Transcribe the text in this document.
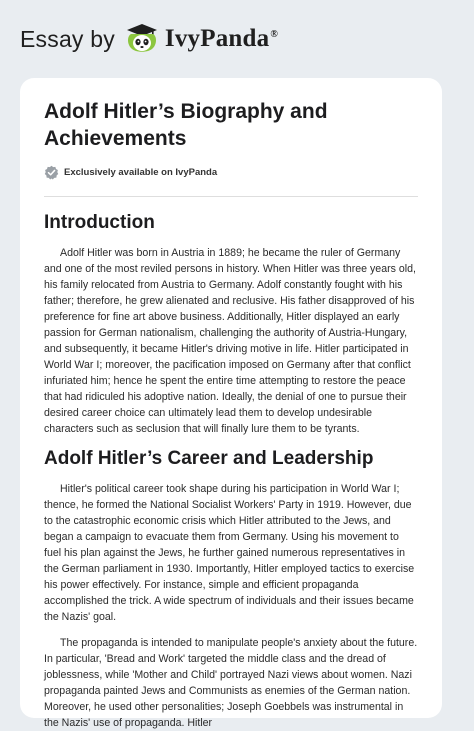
Essay by IvyPanda®
Adolf Hitler’s Biography and Achievements
Exclusively available on IvyPanda
Introduction

Adolf Hitler was born in Austria in 1889; he became the ruler of Germany and one of the most reviled persons in history. When Hitler was three years old, his family relocated from Austria to Germany. Adolf constantly fought with his father; therefore, he grew alienated and reclusive. His father disapproved of his preference for fine art above business. Additionally, Hitler displayed an early passion for German nationalism, challenging the authority of Austria-Hungary, and subsequently, it became Hitler's driving motive in life. Hitler participated in World War I; moreover, the pacification imposed on Germany after that conflict infuriated him; hence he spent the entire time attempting to restore the peace that had ridiculed his adoptive nation. Ideally, the denial of one to pursue their desired career choice can ultimately lead them to develop undesirable characters such as seclusion that will finally lure them to be tyrants.

Adolf Hitler’s Career and Leadership

Hitler's political career took shape during his participation in World War I; thence, he formed the National Socialist Workers' Party in 1919. However, due to the catastrophic economic crisis which Hitler attributed to the Jews, and began a campaign to evacuate them from Germany. Using his movement to fuel his plan against the Jews, he further gained numerous representatives in the German parliament in 1930. Importantly, Hitler employed tactics to exercise his power effectively. For instance, simple and efficient propaganda accomplished the trick. A wide spectrum of individuals and their issues became the Nazis' goal.

The propaganda is intended to manipulate people's anxiety about the future. In particular, 'Bread and Work' targeted the middle class and the dread of joblessness, while 'Mother and Child' portrayed Nazi views about women. Nazi propaganda painted Jews and Communists as enemies of the German nation. Moreover, he used other personalities; Joseph Goebbels was instrumental in the Nazis' use of propaganda. Hitler
